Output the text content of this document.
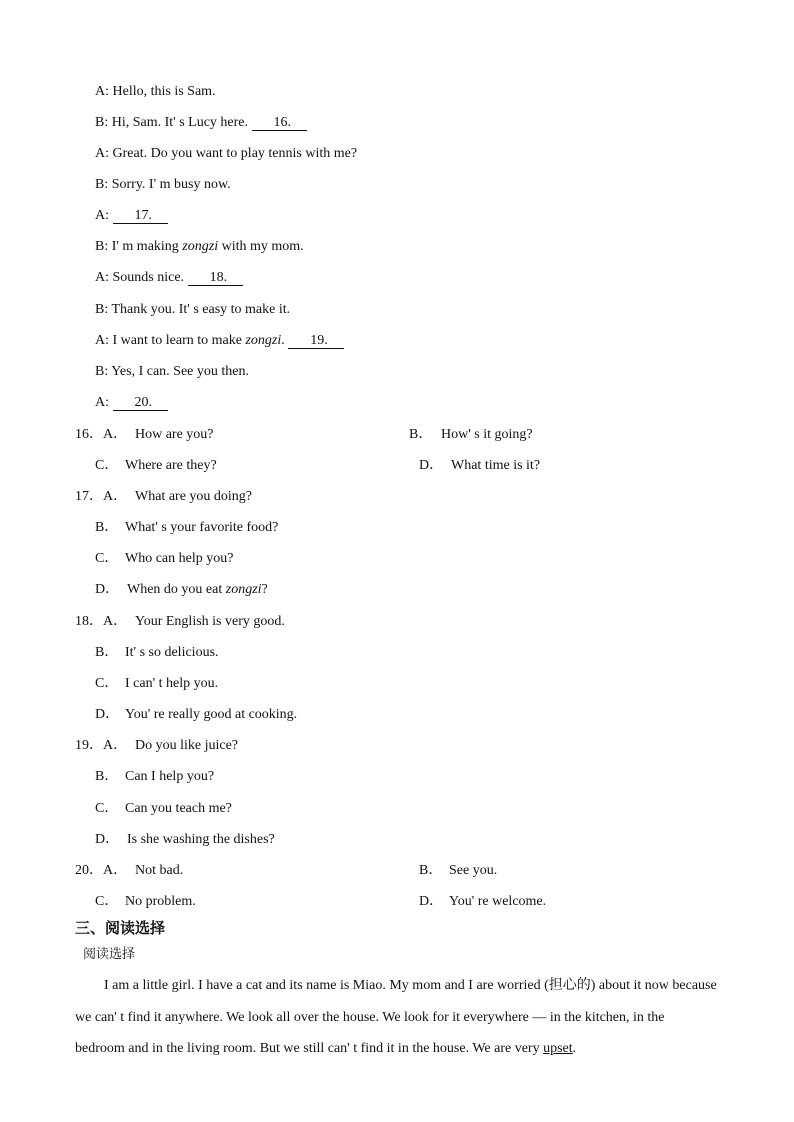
A: Hello, this is Sam.
B: Hi, Sam. It' s Lucy here. 16.
A: Great. Do you want to play tennis with me?
B: Sorry. I' m busy now.
A: 17.
B: I' m making zongzi with my mom.
A: Sounds nice. 18.
B: Thank you. It' s easy to make it.
A: I want to learn to make zongzi. 19.
B: Yes, I can. See you then.
A: 20.
16．A． How are you?	B． How' s it going?
C． Where are they?	D． What time is it?
17．A． What are you doing?
B． What' s your favorite food?
C． Who can help you?
D． When do you eat zongzi?
18．A． Your English is very good.
B． It' s so delicious.
C． I can' t help you.
D． You' re really good at cooking.
19．A． Do you like juice?
B． Can I help you?
C． Can you teach me?
D． Is she washing the dishes?
20．A． Not bad.	B． See you.
C． No problem.	D． You' re welcome.
三、阅读选择
阅读选择
I am a little girl. I have a cat and its name is Miao. My mom and I are worried (担心的) about it now because
we can' t find it anywhere. We look all over the house. We look for it everywhere — in the kitchen, in the
bedroom and in the living room. But we still can' t find it in the house. We are very upset.
